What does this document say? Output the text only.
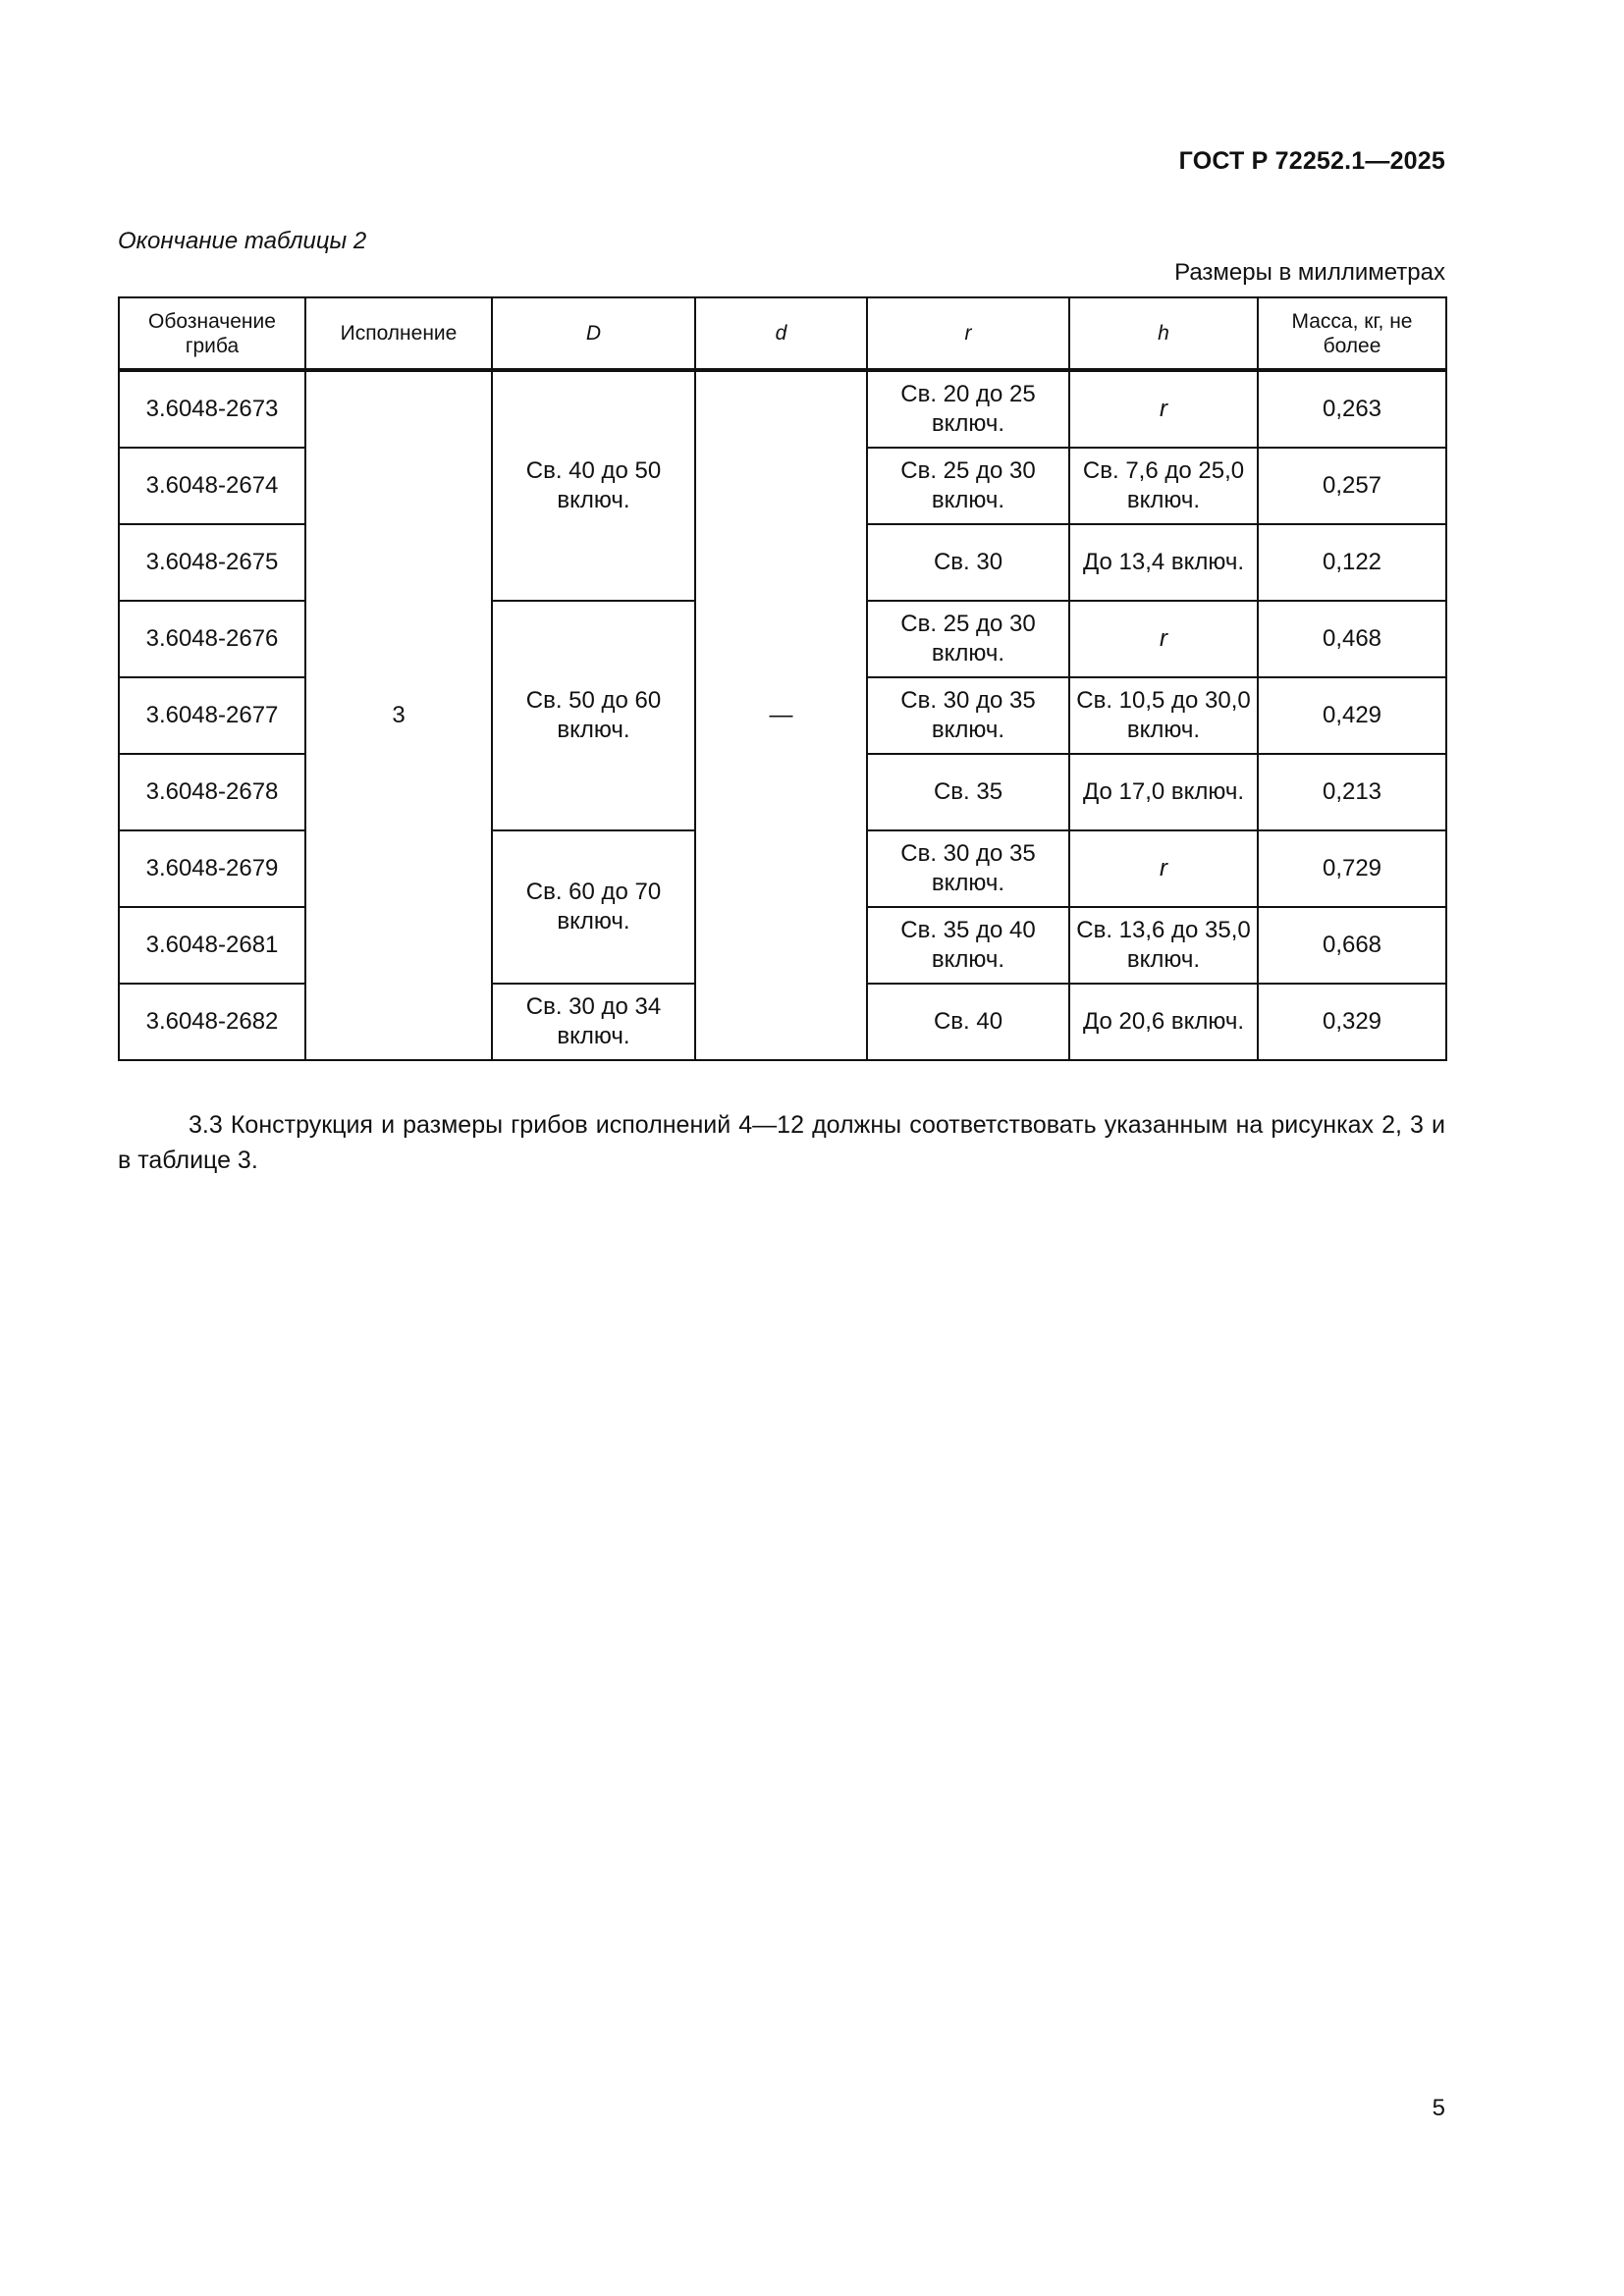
ГОСТ Р 72252.1—2025
Окончание таблицы 2
Размеры в миллиметрах
Обозначение гриба	Исполнение	D	d	r	h	Масса, кг, не более
3.6048-2673	3	Св. 40 до 50 включ.	—	Св. 20 до 25 включ.	r	0,263
3.6048-2674				Св. 25 до 30 включ.	Св. 7,6 до 25,0 включ.	0,257
3.6048-2675				Св. 30	До 13,4 включ.	0,122
3.6048-2676		Св. 50 до 60 включ.		Св. 25 до 30 включ.	r	0,468
3.6048-2677				Св. 30 до 35 включ.	Св. 10,5 до 30,0 включ.	0,429
3.6048-2678				Св. 35	До 17,0 включ.	0,213
3.6048-2679		Св. 60 до 70 включ.		Св. 30 до 35 включ.	r	0,729
3.6048-2681				Св. 35 до 40 включ.	Св. 13,6 до 35,0 включ.	0,668
3.6048-2682		Св. 30 до 34 включ.		Св. 40	До 20,6 включ.	0,329

3.3 Конструкция и размеры грибов исполнений 4—12 должны соответствовать указанным на рисунках 2, 3 и в таблице 3.

5
